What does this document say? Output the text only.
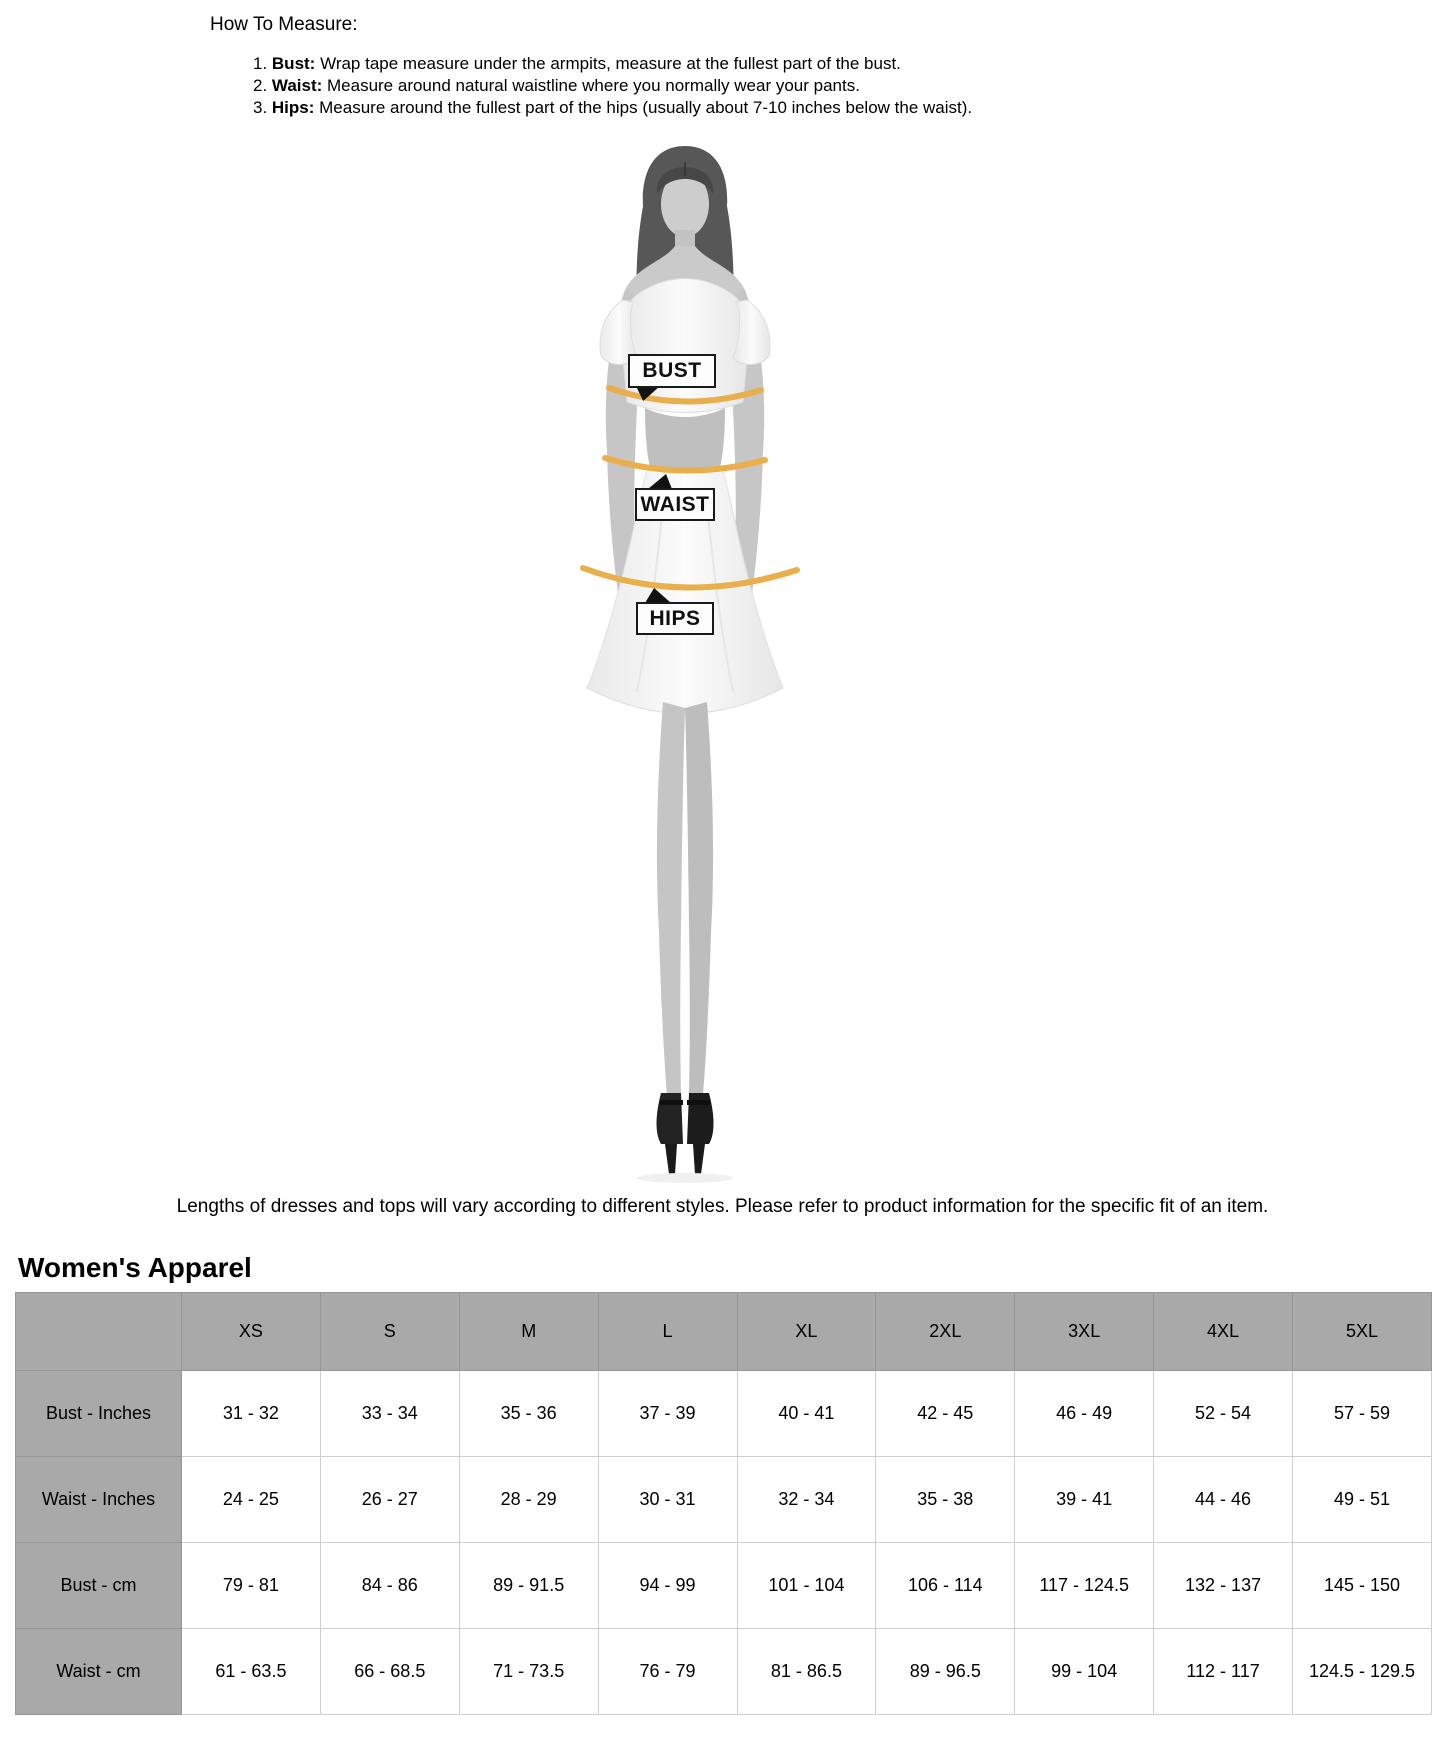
How To Measure:
1. Bust: Wrap tape measure under the armpits, measure at the fullest part of the bust.
2. Waist: Measure around natural waistline where you normally wear your pants.
3. Hips: Measure around the fullest part of the hips (usually about 7-10 inches below the waist).
BUST
WAIST
HIPS
Lengths of dresses and tops will vary according to different styles. Please refer to product information for the specific fit of an item.
Women's Apparel
	XS	S	M	L	XL	2XL	3XL	4XL	5XL
Bust - Inches	31 - 32	33 - 34	35 - 36	37 - 39	40 - 41	42 - 45	46 - 49	52 - 54	57 - 59
Waist - Inches	24 - 25	26 - 27	28 - 29	30 - 31	32 - 34	35 - 38	39 - 41	44 - 46	49 - 51
Bust - cm	79 - 81	84 - 86	89 - 91.5	94 - 99	101 - 104	106 - 114	117 - 124.5	132 - 137	145 - 150
Waist - cm	61 - 63.5	66 - 68.5	71 - 73.5	76 - 79	81 - 86.5	89 - 96.5	99 - 104	112 - 117	124.5 - 129.5
